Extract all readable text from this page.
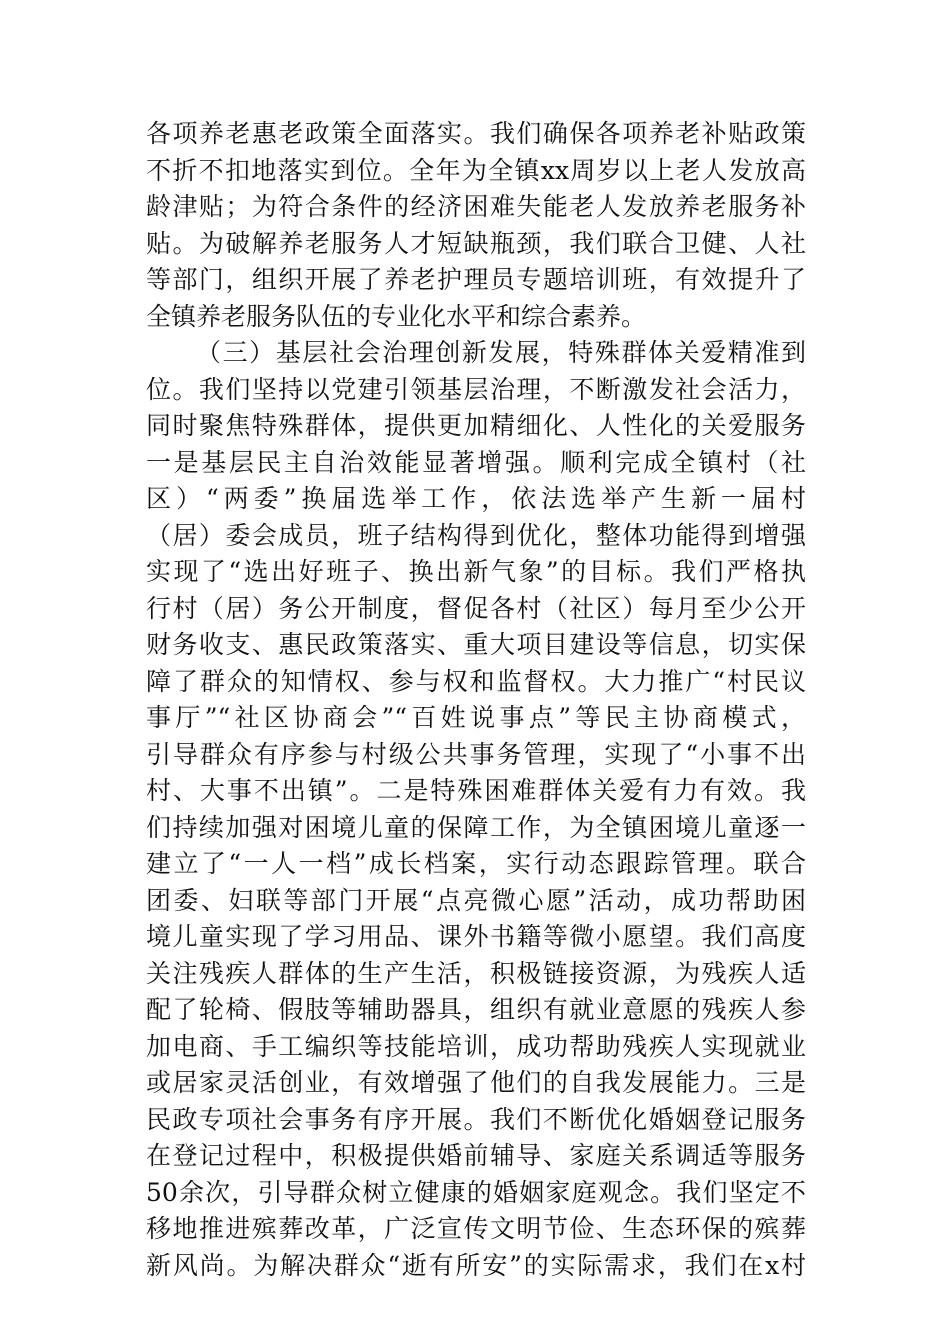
各项养老惠老政策全面落实。我们确保各项养老补贴政策
不折不扣地落实到位。全年为全镇xx周岁以上老人发放高
龄津贴；为符合条件的经济困难失能老人发放养老服务补
贴。为破解养老服务人才短缺瓶颈，我们联合卫健、人社
等部门，组织开展了养老护理员专题培训班，有效提升了
全镇养老服务队伍的专业化水平和综合素养。
（三）基层社会治理创新发展，特殊群体关爱精准到
位。我们坚持以党建引领基层治理，不断激发社会活力，
同时聚焦特殊群体，提供更加精细化、人性化的关爱服务
一是基层民主自治效能显著增强。顺利完成全镇村（社
区）“两委”换届选举工作，依法选举产生新一届村
（居）委会成员，班子结构得到优化，整体功能得到增强
实现了“选出好班子、换出新气象”的目标。我们严格执
行村（居）务公开制度，督促各村（社区）每月至少公开
财务收支、惠民政策落实、重大项目建设等信息，切实保
障了群众的知情权、参与权和监督权。大力推广“村民议
事厅”“社区协商会”“百姓说事点”等民主协商模式，
引导群众有序参与村级公共事务管理，实现了“小事不出
村、大事不出镇”。二是特殊困难群体关爱有力有效。我
们持续加强对困境儿童的保障工作，为全镇困境儿童逐一
建立了“一人一档”成长档案，实行动态跟踪管理。联合
团委、妇联等部门开展“点亮微心愿”活动，成功帮助困
境儿童实现了学习用品、课外书籍等微小愿望。我们高度
关注残疾人群体的生产生活，积极链接资源，为残疾人适
配了轮椅、假肢等辅助器具，组织有就业意愿的残疾人参
加电商、手工编织等技能培训，成功帮助残疾人实现就业
或居家灵活创业，有效增强了他们的自我发展能力。三是
民政专项社会事务有序开展。我们不断优化婚姻登记服务
在登记过程中，积极提供婚前辅导、家庭关系调适等服务
50余次，引导群众树立健康的婚姻家庭观念。我们坚定不
移地推进殡葬改革，广泛宣传文明节俭、生态环保的殡葬
新风尚。为解决群众“逝有所安”的实际需求，我们在x村
